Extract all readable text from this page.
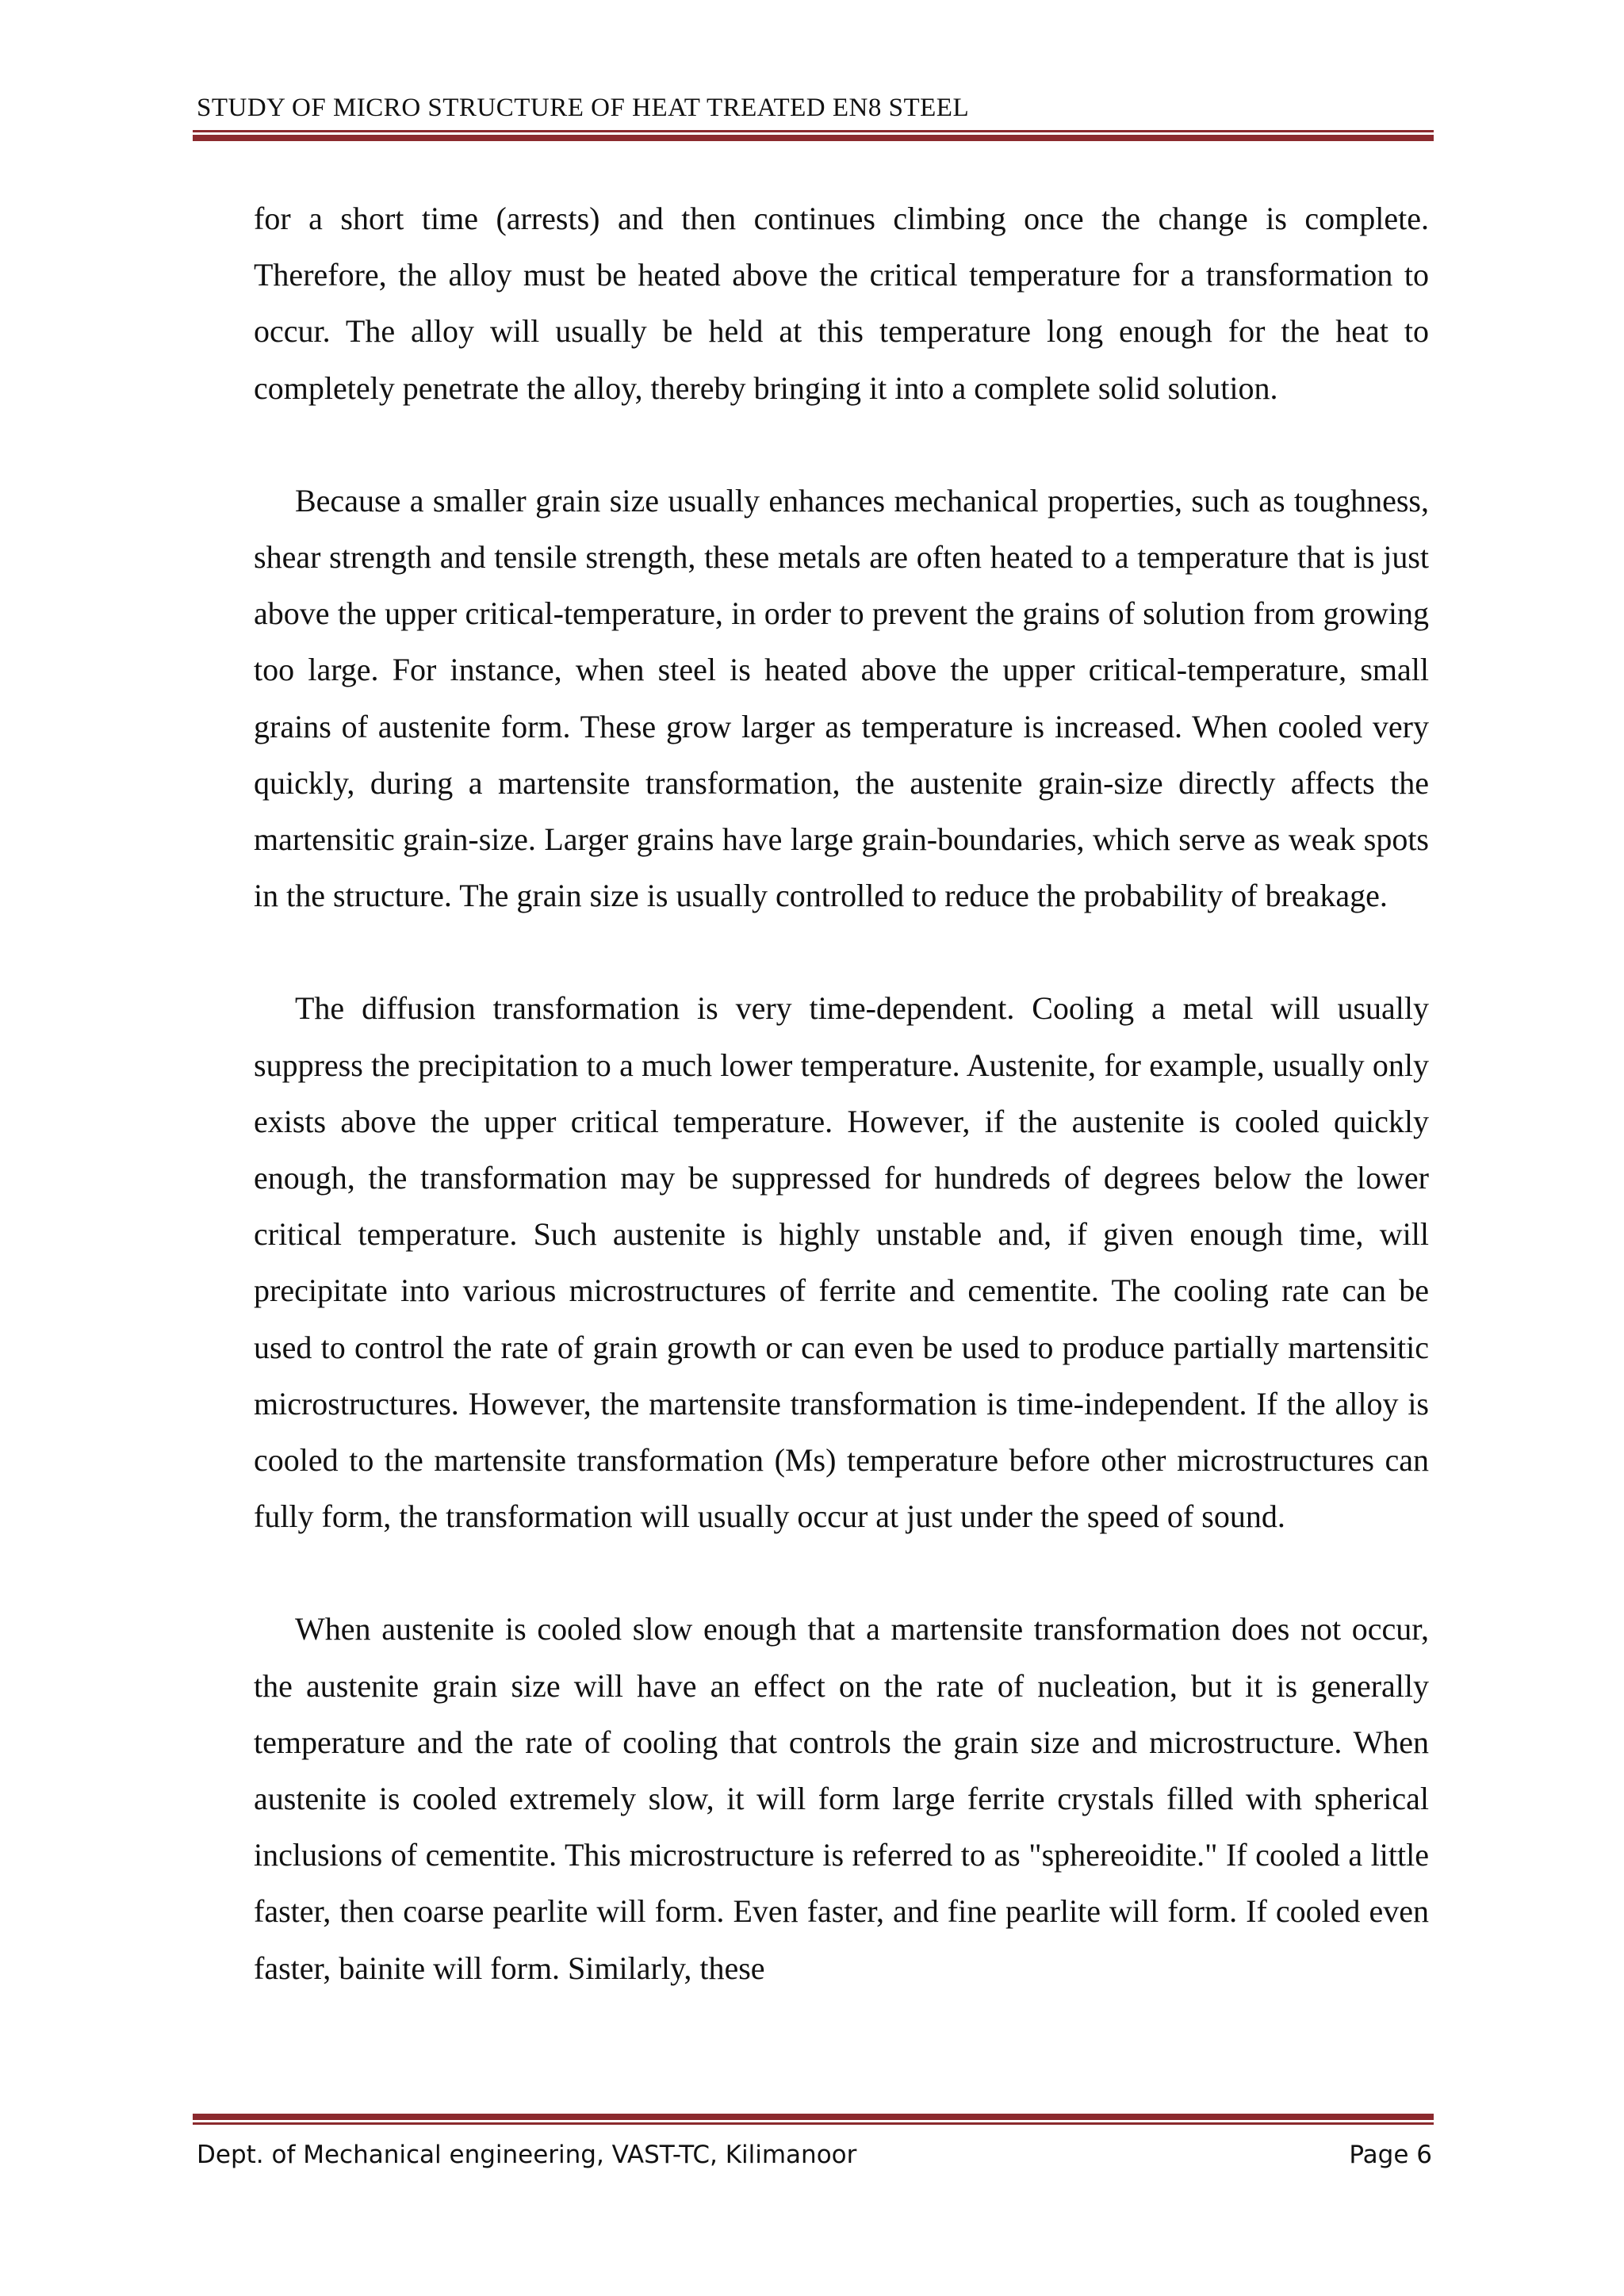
STUDY OF MICRO STRUCTURE OF HEAT TREATED EN8 STEEL

for a short time (arrests) and then continues climbing once the change is complete. Therefore, the alloy must be heated above the critical temperature for a transformation to occur. The alloy will usually be held at this temperature long enough for the heat to completely penetrate the alloy, thereby bringing it into a complete solid solution.

Because a smaller grain size usually enhances mechanical properties, such as toughness, shear strength and tensile strength, these metals are often heated to a temperature that is just above the upper critical-temperature, in order to prevent the grains of solution from growing too large. For instance, when steel is heated above the upper critical-temperature, small grains of austenite form. These grow larger as temperature is increased. When cooled very quickly, during a martensite transformation, the austenite grain-size directly affects the martensitic grain-size. Larger grains have large grain-boundaries, which serve as weak spots in the structure. The grain size is usually controlled to reduce the probability of breakage.

The diffusion transformation is very time-dependent. Cooling a metal will usually suppress the precipitation to a much lower temperature. Austenite, for example, usually only exists above the upper critical temperature. However, if the austenite is cooled quickly enough, the transformation may be suppressed for hundreds of degrees below the lower critical temperature. Such austenite is highly unstable and, if given enough time, will precipitate into various microstructures of ferrite and cementite. The cooling rate can be used to control the rate of grain growth or can even be used to produce partially martensitic microstructures. However, the martensite transformation is time-independent. If the alloy is cooled to the martensite transformation (Ms) temperature before other microstructures can fully form, the transformation will usually occur at just under the speed of sound.

When austenite is cooled slow enough that a martensite transformation does not occur, the austenite grain size will have an effect on the rate of nucleation, but it is generally temperature and the rate of cooling that controls the grain size and microstructure. When austenite is cooled extremely slow, it will form large ferrite crystals filled with spherical inclusions of cementite. This microstructure is referred to as "sphereoidite." If cooled a little faster, then coarse pearlite will form. Even faster, and fine pearlite will form. If cooled even faster, bainite will form. Similarly, these

Dept. of Mechanical engineering, VAST-TC, Kilimanoor	Page 6
